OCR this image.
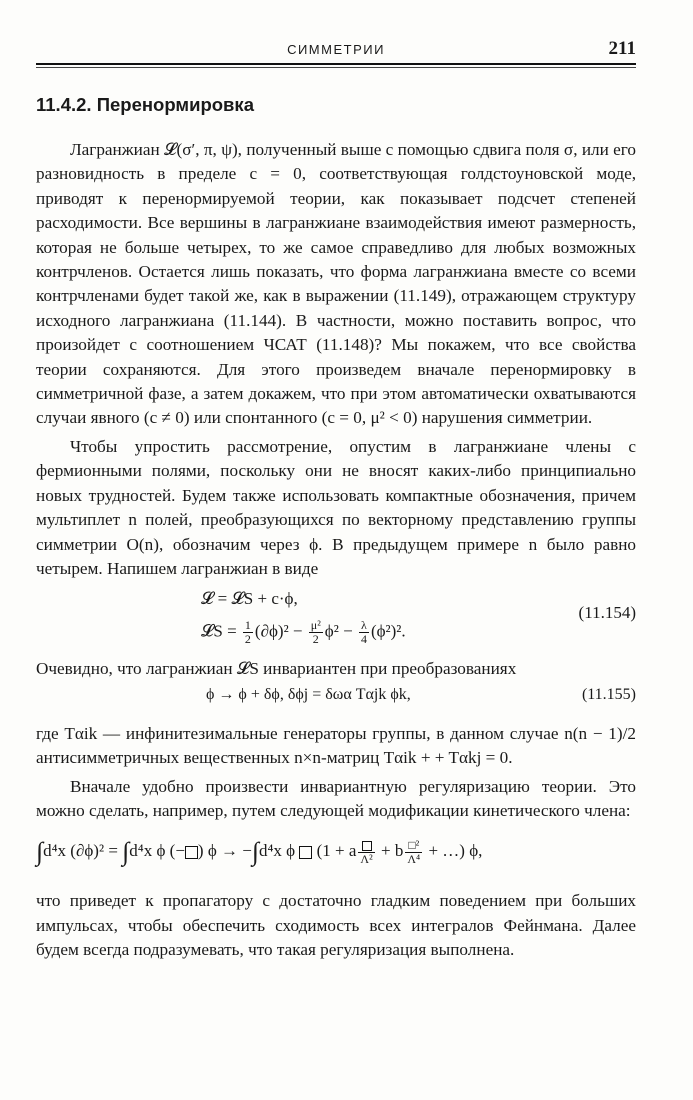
СИММЕТРИИ	211
11.4.2. Перенормировка

Лагранжиан 𝓛(σ′, π, ψ), полученный выше с помощью сдвига поля σ, или его разновидность в пределе c = 0, соответствующая голдстоуновской моде, приводят к перенормируемой теории, как показывает подсчет степеней расходимости. Все вершины в лагранжиане взаимодействия имеют размерность, которая не больше четырех, то же самое справедливо для любых возможных контрчленов. Остается лишь показать, что форма лагранжиана вместе со всеми контрчленами будет такой же, как в выражении (11.149), отражающем структуру исходного лагранжиана (11.144). В частности, можно поставить вопрос, что произойдет с соотношением ЧСАТ (11.148)? Мы покажем, что все свойства теории сохраняются. Для этого произведем вначале перенормировку в симметричной фазе, а затем докажем, что при этом автоматически охватываются случаи явного (c ≠ 0) или спонтанного (c = 0, μ² < 0) нарушения симметрии.

Чтобы упростить рассмотрение, опустим в лагранжиане члены с фермионными полями, поскольку они не вносят каких-либо принципиально новых трудностей. Будем также использовать компактные обозначения, причем мультиплет n полей, преобразующихся по векторному представлению группы симметрии O(n), обозначим через ϕ. В предыдущем примере n было равно четырем. Напишем лагранжиан в виде

𝓛 = 𝓛S + c·ϕ,
𝓛S = $\frac{1}{2} (\partial\phi)^2 - \frac{\text{μ²}}{2} \phi^2 - \frac{\lambda}{4} (\phi^2)^2$.
(11.154)

Очевидно, что лагранжиан 𝓛S инвариантен при преобразованиях

ϕ → ϕ + δϕ, δϕj = δωα Tαjk ϕk,	(11.155)

где Tαik — инфинитезимальные генераторы группы, в данном случае n(n − 1)/2 антисимметричных вещественных n×n-матриц Tαik + + Tαkj = 0.

Вначале удобно произвести инвариантную регуляризацию теории. Это можно сделать, например, путем следующей модификации кинетического члена:

∫d⁴x (∂ϕ)² = ∫d⁴x ϕ (− ) ϕ → −∫d⁴x ϕ (1 + a Λ² + b $\frac{\text{□²}}{\text{Λ⁴}}$ + …) ϕ,

что приведет к пропагатору с достаточно гладким поведением при больших импульсах, чтобы обеспечить сходимость всех интегралов Фейнмана. Далее будем всегда подразумевать, что такая регуляризация выполнена.
